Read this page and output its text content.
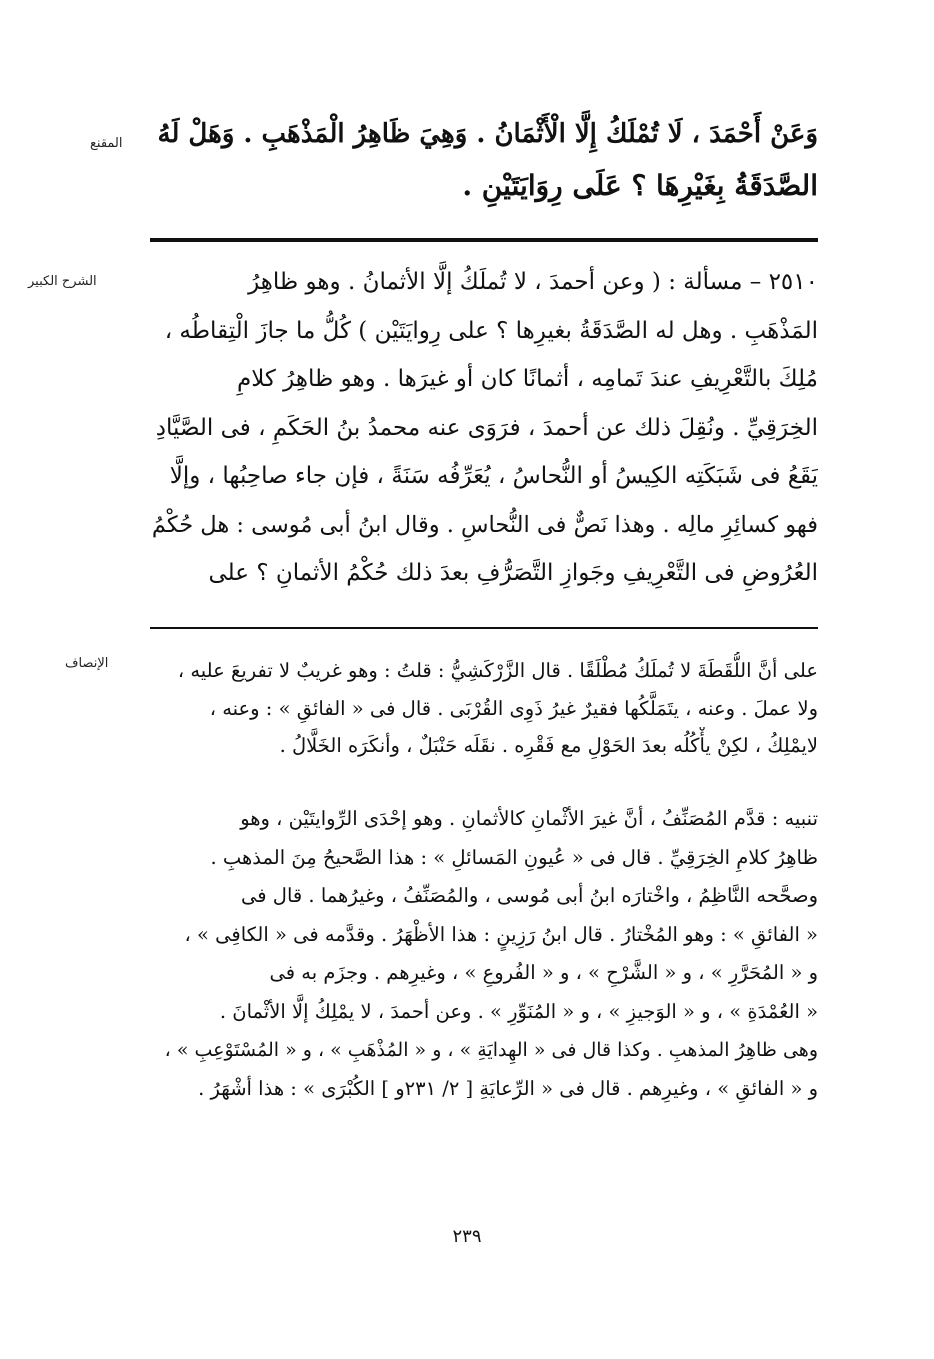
المقنع
الشرح الكبير
الإنصاف
وَعَنْ أَحْمَدَ ، لَا تُمْلَكُ إِلَّا الْأَثْمَانُ . وَهِيَ ظَاهِرُ الْمَذْهَبِ . وَهَلْ لَهُ
الصَّدَقَةُ بِغَيْرِهَا ؟ عَلَى رِوَايَتَيْنِ .
٢٥١٠ – مسألة : ( وعن أحمدَ ، لا تُملَكُ إلَّا الأثمانُ . وهو ظاهِرُ
المَذْهَبِ . وهل له الصَّدَقَةُ بغيرِها ؟ على رِوايَتَيْن ) كُلُّ ما جازَ الْتِقاطُه ،
مُلِكَ بالتَّعْرِيفِ عندَ تَمامِه ، أثمانًا كان أو غيرَها . وهو ظاهِرُ كلامِ
الخِرَقِيِّ . ونُقِلَ ذلك عن أحمدَ ، فرَوَى عنه محمدُ بنُ الحَكَمِ ، فى الصَّيَّادِ
يَقَعُ فى شَبَكَتِه الكِيسُ أو النُّحاسُ ، يُعَرِّفُه سَنَةً ، فإن جاء صاحِبُها ، وإلَّا
فهو كسائِرِ مالِه . وهذا نَصٌّ فى النُّحاسِ . وقال ابنُ أبى مُوسى : هل حُكْمُ
العُرُوضِ فى التَّعْرِيفِ وجَوازِ التَّصَرُّفِ بعدَ ذلك حُكْمُ الأثمانِ ؟ على
على أنَّ اللُّقَطَةَ لا تُملَكُ مُطْلَقًا . قال الزَّرْكَشِيُّ : قلتُ : وهو غريبٌ لا تفريعَ عليه ،
ولا عملَ . وعنه ، يتَمَلَّكُها فقيرٌ غيرُ ذَوِى القُرْبَى . قال فى « الفائقِ » : وعنه ،
لايمْلِكُ ، لكِنْ يأْكُلُه بعدَ الحَوْلِ مع فَقْرِه . نقَلَه حَنْبَلٌ ، وأنكَرَه الخَلَّالُ .
تنبيه : قدَّم المُصَنِّفُ ، أنَّ غيرَ الأثْمانِ كالأثمانِ . وهو إحْدَى الرِّوايتَيْن ، وهو
ظاهِرُ كلامِ الخِرَقِيِّ . قال فى « عُيونِ المَسائلِ » : هذا الصَّحيحُ مِنَ المذهبِ .
وصحَّحه النَّاظِمُ ، واخْتارَه ابنُ أبى مُوسى ، والمُصَنِّفُ ، وغيرُهما . قال فى
« الفائقِ » : وهو المُخْتارُ . قال ابنُ رَزِينٍ : هذا الأظْهَرُ . وقدَّمه فى « الكافِى » ،
و « المُحَرَّرِ » ، و « الشَّرْحِ » ، و « الفُروعِ » ، وغيرِهم . وجزَم به فى
« العُمْدَةِ » ، و « الوَجيزِ » ، و « المُنَوِّرِ » . وعن أحمدَ ، لا يمْلِكُ إلَّا الأثْمانَ .
وهى ظاهِرُ المذهبِ . وكذا قال فى « الهِدايَةِ » ، و « المُذْهَبِ » ، و « المُسْتَوْعِبِ » ،
و « الفائقِ » ، وغيرِهم . قال فى « الرِّعايَةِ [ ٢/ ٢٣١و ] الكُبْرَى » : هذا أشْهَرُ .
٢٣٩
